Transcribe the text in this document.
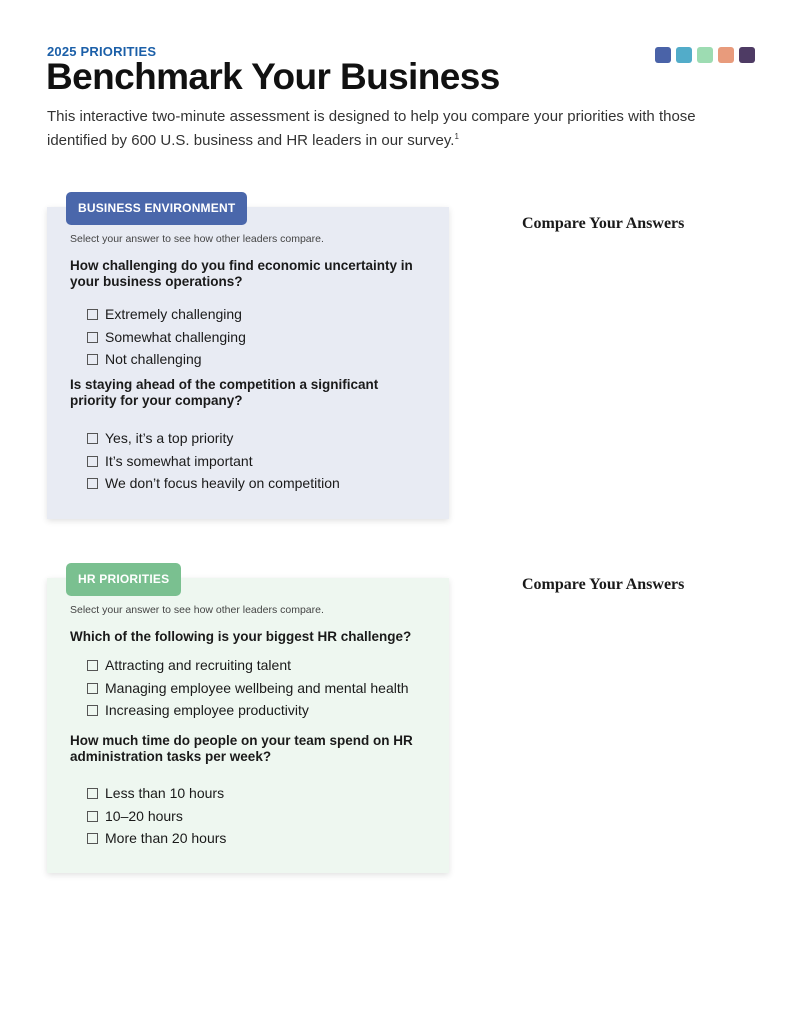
2025 PRIORITIES
Benchmark Your Business

This interactive two-minute assessment is designed to help you compare your priorities with those identified by 600 U.S. business and HR leaders in our survey.$^1$

BUSINESS ENVIRONMENT
Select your answer to see how other leaders compare.

How challenging do you find economic uncertainty in your business operations?

Extremely challenging
Somewhat challenging
Not challenging

Is staying ahead of the competition a significant priority for your company?

Yes, it’s a top priority
It’s somewhat important
We don’t focus heavily on competition
Compare Your Answers
HR PRIORITIES
Select your answer to see how other leaders compare.

Which of the following is your biggest HR challenge?

Attracting and recruiting talent
Managing employee wellbeing and mental health
Increasing employee productivity

How much time do people on your team spend on HR administration tasks per week?

Less than 10 hours
10–20 hours
More than 20 hours
Compare Your Answers
